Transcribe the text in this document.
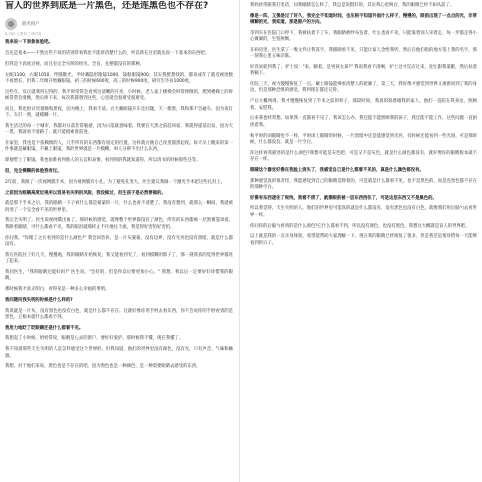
盲人的世界到底是一片黑色，还是连黑色也不存在?
匿名用户
6,765 人赞同了该回答

我来说一下表象体验吧。

首先是基本——不然这些不说的话别管看我也不能讲清楚什么的，所以我在这里就先说一下基本的东西吧。

但我是个高度近视，而且有完全失明的经历。全盲，先摆都没有的那种。

左眼1100，右眼1050，伴随散光，平时戴隐形眼镜1000，镜框眼镜900，其实我挺想找的，都说成年了就近视度数不再增长，但我二年级开始戴眼镜，初三的时候600度，高三的时候900度，研究生毕业1000度。

这些年，反正就我所记得的，我平时常常会看到这清晰的月亮，小时候，老人家上楼梯会时常摔倒的，爬到楼梯上的时候常常会滑倒，然后摔下来，每次我都想到这些，心里就会很难受很难受。

而且，我也很讨厌很晚和黑夜，因为晚上，我看不清。白天戴眼镜开车还问题，天一擦黑，我和那不会碰车，因为夜灯下，车灯一照，就模糊一片。

我生活过的每一个城市，我都对日落非常敏感，因为日落就意味着，我要在天黑之前赶回家，我就得提前出发，因为天一黑，我就看不清路了，就只能摸索着前进。

在家里，我也是个依赖惯的人，几乎所有的东西都有固定的位置，这样就方便自己夜里摸黑起夜。每天早上醒来的第一件事就是戴眼镜，不戴上眼镜，我的世界就是一片模糊，叫人分辨不出什么东西。

即便带上了眼镜，我也很难看到他人的五官和表情，看到别的我就知道你，所以请书的时候那些还等。

但，完全模糊的体验我有过。

2年前，我做了一次视网膜手术，因为视网膜有小孔，为了避免孔变大，医生建议我做一个激光手术把这些孔封上。

之前因为眼睛高度近视所以容易有失明的风险，我没做过，但生孩子是必然要做的。

就是那个手术之后，我的眼睛一下子看什么都是蒙蒙的一片，什么也看不清楚了。我没有想到，就那么一瞬间，我就被扔进了一个完全看不见的世界里。

我完全失明了。医生说视网膜出血了。那时候的感觉，就像整个世界都没有了颜色，所有的东西都被一层黑雾笼罩着。我睁着眼睛，可什么都看不见，我的眼泪就那样止不住地往下流，我觉得好害怕好害怕。

你问我，"你瞎了之后看到的是什么颜色?" 我会回答你，是一片灰蒙蒙，没有边界，没有光亮也没有黑暗，就是什么都没有。

我在医院住了好几天，慢慢地，我的眼睛开始恢复，我又能看到光了，看到模糊的影子了，那一刻我真的觉得世界都亮了起来。

我问医生，"我的眼睛还能好吗?" 医生说，"会好的，但是你以后要更加小心。" 我想，我以后一定要好好珍惜我的眼睛。

那时候我才真正明白，看得见是一种多么幸福的事情。

我问题问我失明的时候是什么样的?

我说就是一片灰，没有黑色也没有白色，就是什么都不存在。这就好像你用手肘去看东西，你不会说你的手肘看到的是黑色，它根本就什么都看不到。

我用力地眨了眨眼睛还是什么都看不见。

我想起了小时候，奶奶常说，眼睛是心灵的窗户，要好好爱护。那时候我不懂，现在我懂了。

我不知道那些天生失明的人是怎样感受这个世界的，但我知道，他们的世界里没有颜色，没有光，只有声音、气味和触感。

我想，对于他们来说，黑色也是不存在的吧。因为黑色也是一种颜色，是一种需要眼睛去感受的东西。

我妈经常跟我打电话，问我眼睛怎么样了，我总是说挺好的，其实我心里明白，我的眼睛已经不如从前了。

像是一阵，又像是过了好久，我完全不知道时间，也压根不知道外面什么样子，慢慢的，眼前出现了一点点的光，非常模糊的光，我知道，那是窗户的方向。

等到车在医院门口停下，我被扶着下了车，我眼睛被纱布包着，什么也看不见，只能靠着别人牵着走，每一步都走得小心翼翼的，生怕摔倒。

在病房里，医生拿了一堆文件让我签字，我眼睛看不见，只能让家人念给我听，然后在他们指的地方签上我的名字，那一刻我心里五味杂陈。

好容易轮到我了，护士说："来，躺着，是男孩女孩?" 我说我看不清啊，护士这才反应过来，连忙跟我道歉，然后扶着我躺下。

住院三天，视力慢慢恢复了一点，戴上眼镜能够看清楚人的轮廓了，第三天，我好像才感觉到世界又重新回到了我的身边，但是那种恐惧的感觉，我到现在都还记得。

产后大概两周，我才慢慢恢复到了手术之前的样子，那段时间，我真的很感谢我的家人，他们一直陪在我身边，照顾我，安慰我。

后来我也经常想，如果我一直都看不见了，我该怎么办，我还能不能照顾我的孩子，我还能不能工作，这些问题一直困扰着我。

和平时的闭眼睛也不一样，平时闭上眼睛的时候，一片黑暗中还是能感觉到光亮，有时候还能看到一些光斑，可是那时候，什么都没有，就是一片空白。

你这样看我描述的是什么颜色?我想可能是灰色吧，可是又不是灰色，就是什么颜色都没有，就好像你的眼睛根本就不存在一样。

眼睛这个器官好像在我脸上消失了，我感觉自己是什么都看不见的，真是什么颜色都没有。

那种感觉真的很奇怪，我能感觉到自己的眼睛是睁着的，可是就是什么都看不见，也不是黑色的，而是连黑色都不存在的那种空白。

好像有东西遮住了视线，我看不清了，就像眼前被一层东西挡住了，可是这层东西又不是黑色的。

所以我觉得，天生失明的人，他们的世界里可能真的就是什么都没有，没有黑色也没有白色，就像我们用后脑勺去看世界一样。

你问你的后脑勺看到的是什么颜色?它什么都看不到，所以没有颜色，也没有黑色。我想这大概就是盲人的世界吧。

以上就是我的一点亲身体验，希望能帮助大家理解一下。现在我的眼睛已经恢复了很多，但是我还是很珍惜每一天能够看到的日子。
